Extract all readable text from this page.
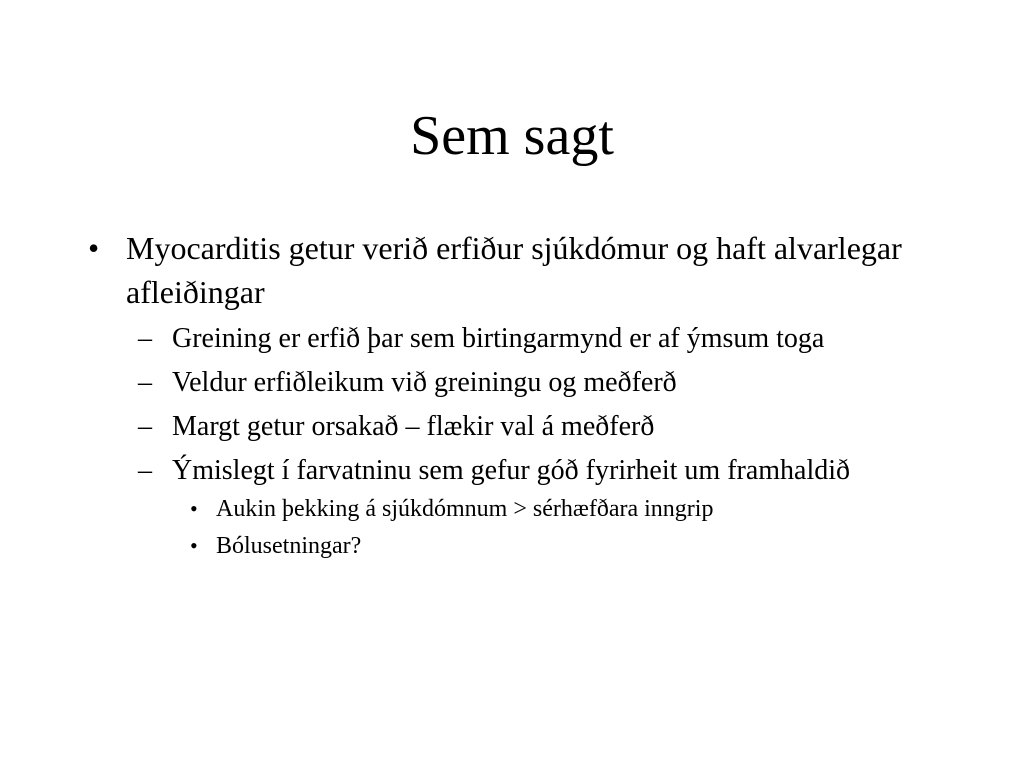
Sem sagt
• Myocarditis getur verið erfiður sjúkdómur og haft alvarlegar afleiðingar
– Greining er erfið þar sem birtingarmynd er af ýmsum toga
– Veldur erfiðleikum við greiningu og meðferð
– Margt getur orsakað – flækir val á meðferð
– Ýmislegt í farvatninu sem gefur góð fyrirheit um framhaldið
• Aukin þekking á sjúkdómnum > sérhæfðara inngrip
• Bólusetningar?
